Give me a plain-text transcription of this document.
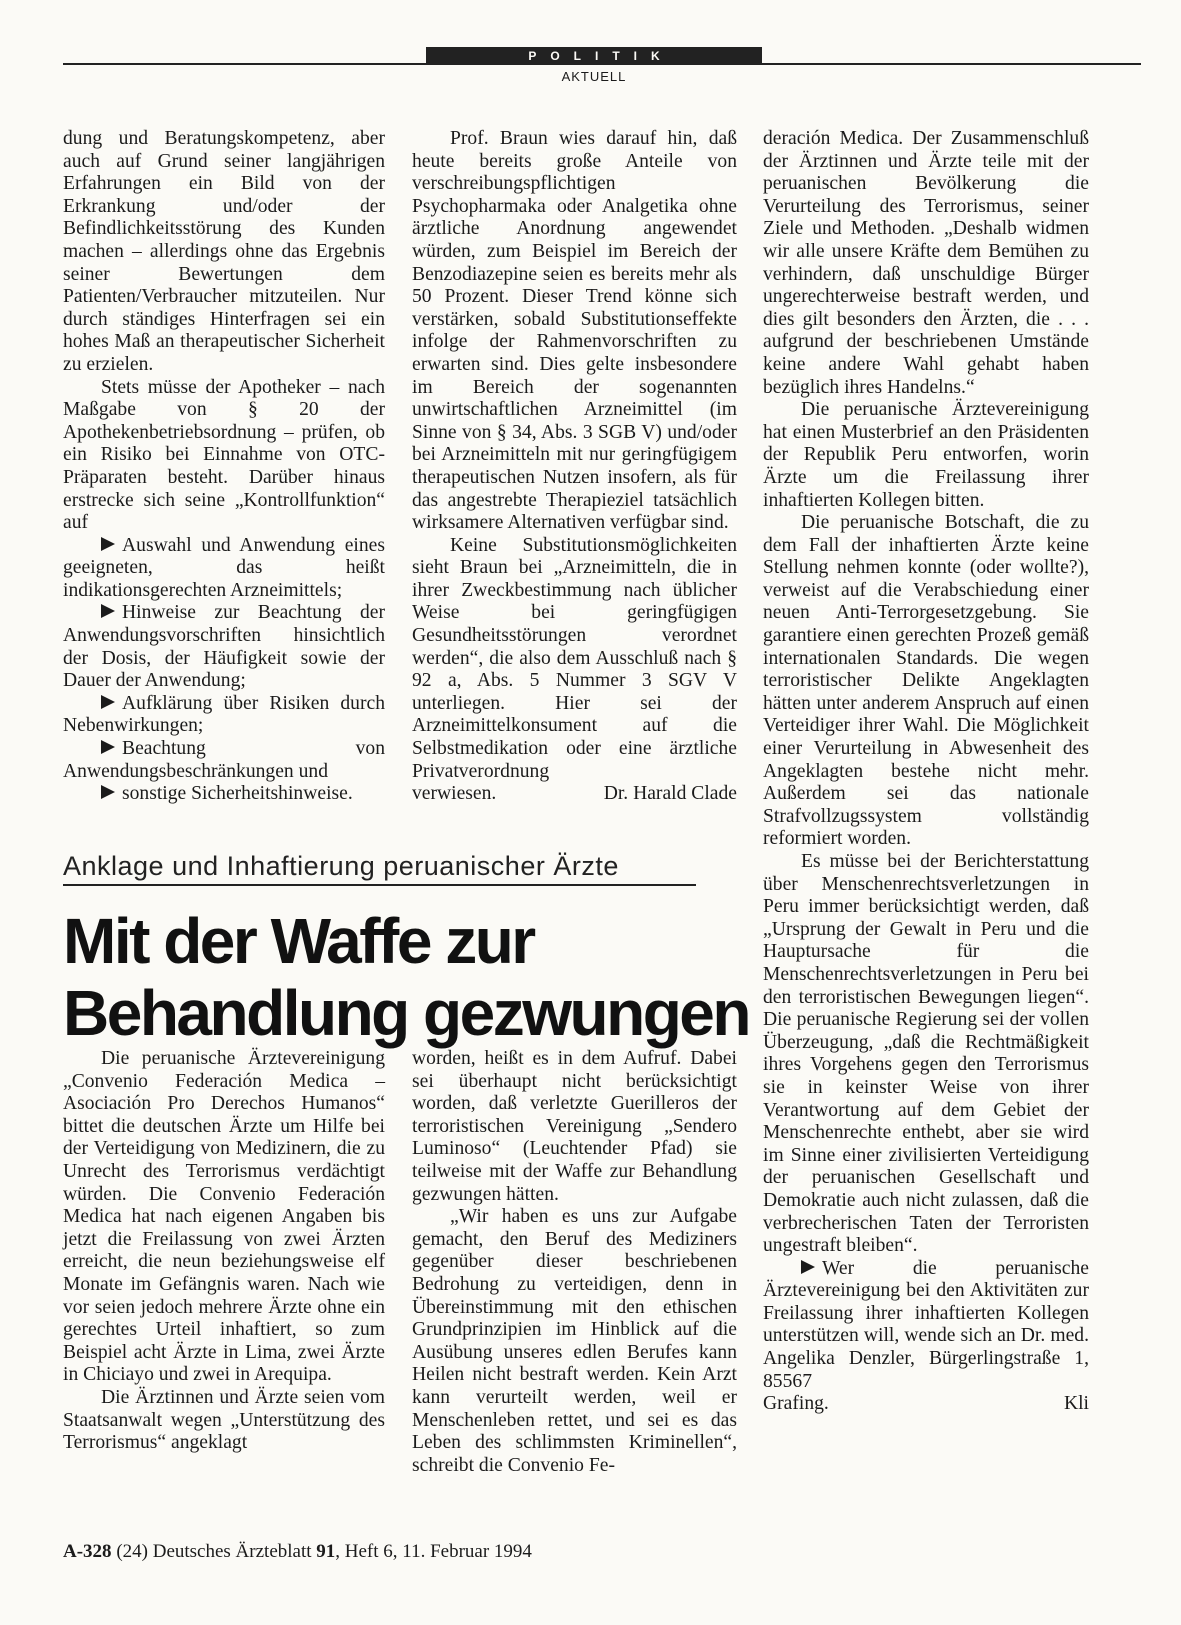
POLITIK
AKTUELL

dung und Beratungskompetenz, aber auch auf Grund seiner langjährigen Erfahrungen ein Bild von der Erkrankung und/oder der Befindlichkeitsstörung des Kunden machen – allerdings ohne das Ergebnis seiner Bewertungen dem Patienten/Verbraucher mitzuteilen. Nur durch ständiges Hinterfragen sei ein hohes Maß an therapeutischer Sicherheit zu erzielen.

Stets müsse der Apotheker – nach Maßgabe von § 20 der Apothekenbetriebsordnung – prüfen, ob ein Risiko bei Einnahme von OTC-Präparaten besteht. Darüber hinaus erstrecke sich seine „Kontrollfunktion“ auf

Auswahl und Anwendung eines geeigneten, das heißt indikationsgerechten Arzneimittels;

Hinweise zur Beachtung der Anwendungsvorschriften hinsichtlich der Dosis, der Häufigkeit sowie der Dauer der Anwendung;

Aufklärung über Risiken durch Nebenwirkungen;

Beachtung von Anwendungsbeschränkungen und

sonstige Sicherheitshinweise.

Prof. Braun wies darauf hin, daß heute bereits große Anteile von verschreibungspflichtigen Psychopharmaka oder Analgetika ohne ärztliche Anordnung angewendet würden, zum Beispiel im Bereich der Benzodiazepine seien es bereits mehr als 50 Prozent. Dieser Trend könne sich verstärken, sobald Substitutionseffekte infolge der Rahmenvorschriften zu erwarten sind. Dies gelte insbesondere im Bereich der sogenannten unwirtschaftlichen Arzneimittel (im Sinne von § 34, Abs. 3 SGB V) und/oder bei Arzneimitteln mit nur geringfügigem therapeutischen Nutzen insofern, als für das angestrebte Therapieziel tatsächlich wirksamere Alternativen verfügbar sind.

Keine Substitutionsmöglichkeiten sieht Braun bei „Arzneimitteln, die in ihrer Zweckbestimmung nach üblicher Weise bei geringfügigen Gesundheitsstörungen verordnet werden“, die also dem Ausschluß nach § 92 a, Abs. 5 Nummer 3 SGV V unterliegen. Hier sei der Arzneimittelkonsument auf die Selbstmedikation oder eine ärztliche Privatverordnung

verwiesen.	Dr. Harald Clade

Anklage und Inhaftierung peruanischer Ärzte
Mit der Waffe zur
Behandlung gezwungen

Die peruanische Ärztevereinigung „Convenio Federación Medica – Asociación Pro Derechos Humanos“ bittet die deutschen Ärzte um Hilfe bei der Verteidigung von Medizinern, die zu Unrecht des Terrorismus verdächtigt würden. Die Convenio Federación Medica hat nach eigenen Angaben bis jetzt die Freilassung von zwei Ärzten erreicht, die neun beziehungsweise elf Monate im Gefängnis waren. Nach wie vor seien jedoch mehrere Ärzte ohne ein gerechtes Urteil inhaftiert, so zum Beispiel acht Ärzte in Lima, zwei Ärzte in Chiciayo und zwei in Arequipa.

Die Ärztinnen und Ärzte seien vom Staatsanwalt wegen „Unterstützung des Terrorismus“ angeklagt

worden, heißt es in dem Aufruf. Dabei sei überhaupt nicht berücksichtigt worden, daß verletzte Guerilleros der terroristischen Vereinigung „Sendero Luminoso“ (Leuchtender Pfad) sie teilweise mit der Waffe zur Behandlung gezwungen hätten.

„Wir haben es uns zur Aufgabe gemacht, den Beruf des Mediziners gegenüber dieser beschriebenen Bedrohung zu verteidigen, denn in Übereinstimmung mit den ethischen Grundprinzipien im Hinblick auf die Ausübung unseres edlen Berufes kann Heilen nicht bestraft werden. Kein Arzt kann verurteilt werden, weil er Menschenleben rettet, und sei es das Leben des schlimmsten Kriminellen“, schreibt die Convenio Fe-

deración Medica. Der Zusammenschluß der Ärztinnen und Ärzte teile mit der peruanischen Bevölkerung die Verurteilung des Terrorismus, seiner Ziele und Methoden. „Deshalb widmen wir alle unsere Kräfte dem Bemühen zu verhindern, daß unschuldige Bürger ungerechterweise bestraft werden, und dies gilt besonders den Ärzten, die . . . aufgrund der beschriebenen Umstände keine andere Wahl gehabt haben bezüglich ihres Handelns.“

Die peruanische Ärztevereinigung hat einen Musterbrief an den Präsidenten der Republik Peru entworfen, worin Ärzte um die Freilassung ihrer inhaftierten Kollegen bitten.

Die peruanische Botschaft, die zu dem Fall der inhaftierten Ärzte keine Stellung nehmen konnte (oder wollte?), verweist auf die Verabschiedung einer neuen Anti-Terrorgesetzgebung. Sie garantiere einen gerechten Prozeß gemäß internationalen Standards. Die wegen terroristischer Delikte Angeklagten hätten unter anderem Anspruch auf einen Verteidiger ihrer Wahl. Die Möglichkeit einer Verurteilung in Abwesenheit des Angeklagten bestehe nicht mehr. Außerdem sei das nationale Strafvollzugssystem vollständig reformiert worden.

Es müsse bei der Berichterstattung über Menschenrechtsverletzungen in Peru immer berücksichtigt werden, daß „Ursprung der Gewalt in Peru und die Hauptursache für die Menschenrechtsverletzungen in Peru bei den terroristischen Bewegungen liegen“. Die peruanische Regierung sei der vollen Überzeugung, „daß die Rechtmäßigkeit ihres Vorgehens gegen den Terrorismus sie in keinster Weise von ihrer Verantwortung auf dem Gebiet der Menschenrechte enthebt, aber sie wird im Sinne einer zivilisierten Verteidigung der peruanischen Gesellschaft und Demokratie auch nicht zulassen, daß die verbrecherischen Taten der Terroristen ungestraft bleiben“.

Wer die peruanische Ärztevereinigung bei den Aktivitäten zur Freilassung ihrer inhaftierten Kollegen unterstützen will, wende sich an Dr. med. Angelika Denzler, Bürgerlingstraße 1, 85567

Grafing.	Kli

A-328 (24) Deutsches Ärzteblatt 91, Heft 6, 11. Februar 1994
